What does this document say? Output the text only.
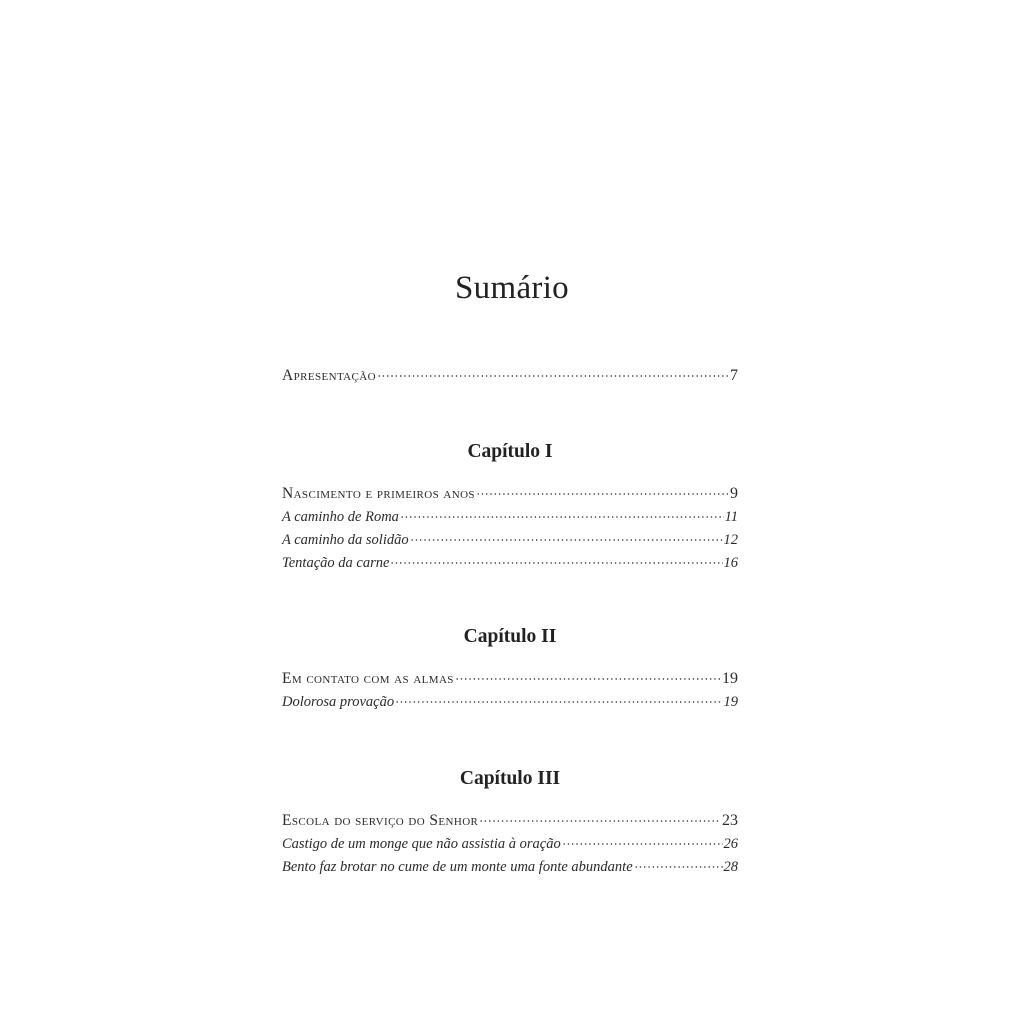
Sumário
Apresentação	7
Capítulo I
Nascimento e primeiros anos	9
A caminho de Roma	11
A caminho da solidão	12
Tentação da carne	16
Capítulo II
Em contato com as almas	19
Dolorosa provação	19
Capítulo III
Escola do serviço do Senhor	23
Castigo de um monge que não assistia à oração	26
Bento faz brotar no cume de um monte uma fonte abundante	28
